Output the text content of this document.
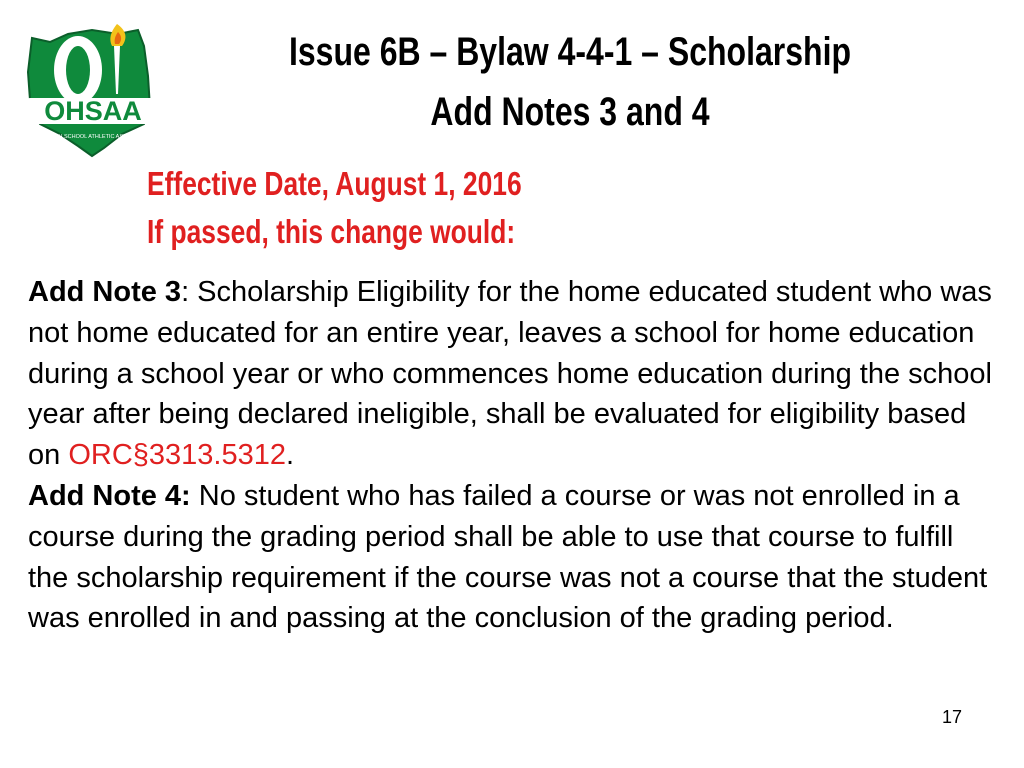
OHSAA
OHIO HIGH SCHOOL ATHLETIC ASSOCIATION
Issue 6B – Bylaw 4-4-1 – Scholarship
Add Notes 3 and 4
Effective Date, August 1, 2016
If passed, this change would:
Add Note 3: Scholarship Eligibility for the home educated student who was not home educated for an entire year, leaves a school for home education during a school year or who commences home education during the school year after being declared ineligible, shall be evaluated for eligibility based on ORC§3313.5312.
Add Note 4: No student who has failed a course or was not enrolled in a course during the grading period shall be able to use that course to fulfill the scholarship requirement if the course was not a course that the student was enrolled in and passing at the conclusion of the grading period.
17
